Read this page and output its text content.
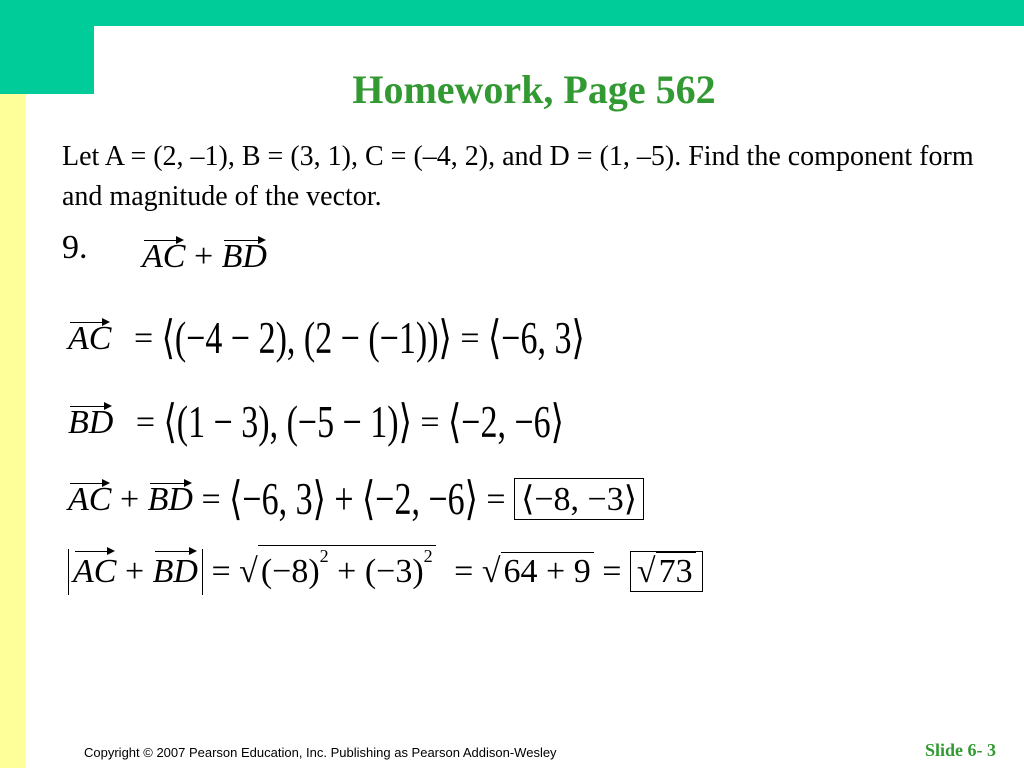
Homework, Page 562
Let A = (2, –1), B = (3, 1), C = (–4, 2), and D = (1, –5). Find the component form and magnitude of the vector.
9. AC + BD
AC = ⟨(−4 − 2), (2 − (−1))⟩ = ⟨−6, 3⟩
BD = ⟨(1 − 3), (−5 − 1)⟩ = ⟨−2, −6⟩
AC + BD = ⟨−6, 3⟩ + ⟨−2, −6⟩ = ⟨−8, −3⟩
AC + BD = $√(-8)^2 + (-3)^2 = √64 + 9 = √73$
Copyright © 2007 Pearson Education, Inc. Publishing as Pearson Addison-Wesley	Slide 6- 3
